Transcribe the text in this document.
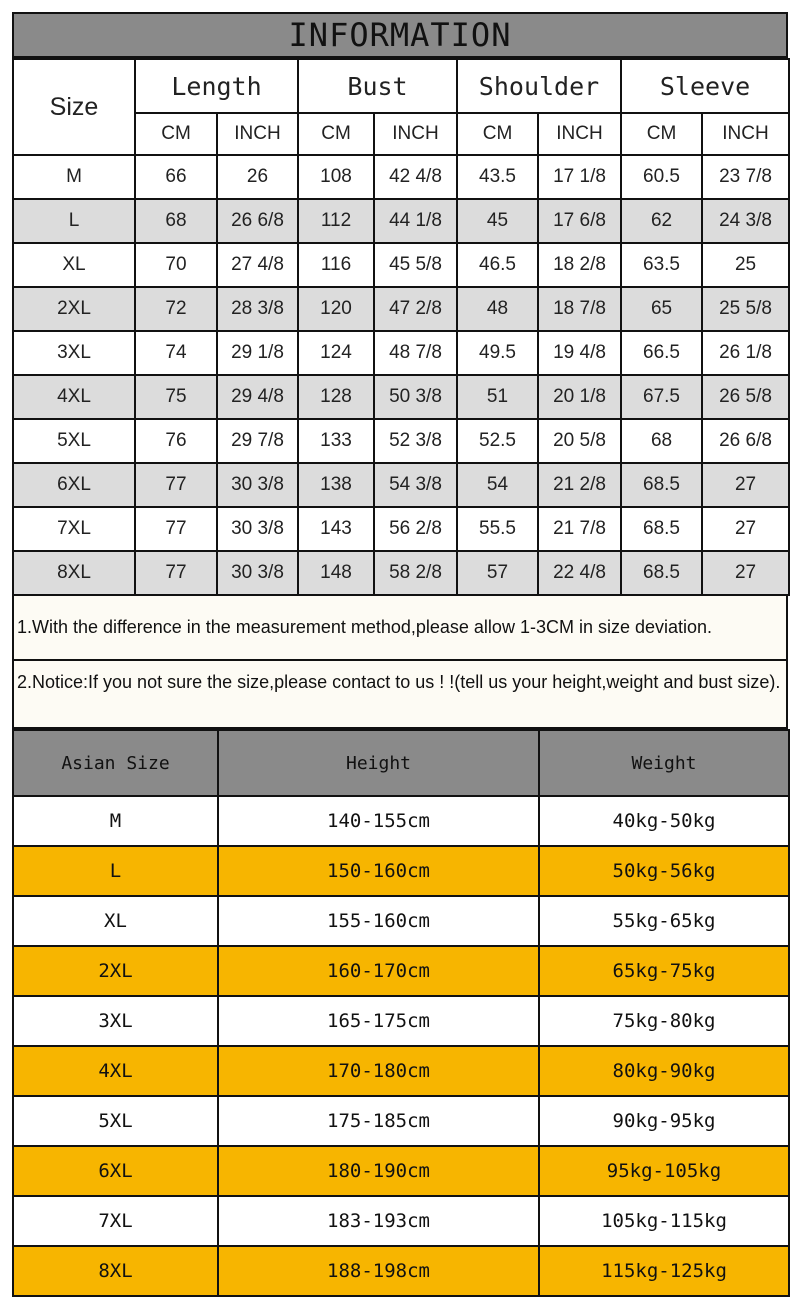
INFORMATION
Size	Length		Bust		Shoulder		Sleeve	
	CM	INCH	CM	INCH	CM	INCH	CM	INCH
M	66	26	108	42 4/8	43.5	17 1/8	60.5	23 7/8
L	68	26 6/8	112	44 1/8	45	17 6/8	62	24 3/8
XL	70	27 4/8	116	45 5/8	46.5	18 2/8	63.5	25
2XL	72	28 3/8	120	47 2/8	48	18 7/8	65	25 5/8
3XL	74	29 1/8	124	48 7/8	49.5	19 4/8	66.5	26 1/8
4XL	75	29 4/8	128	50 3/8	51	20 1/8	67.5	26 5/8
5XL	76	29 7/8	133	52 3/8	52.5	20 5/8	68	26 6/8
6XL	77	30 3/8	138	54 3/8	54	21 2/8	68.5	27
7XL	77	30 3/8	143	56 2/8	55.5	21 7/8	68.5	27
8XL	77	30 3/8	148	58 2/8	57	22 4/8	68.5	27
1.With the difference in the measurement method,please allow 1-3CM in size deviation.
2.Notice:If you not sure the size,please contact to us ! !(tell us your height,weight and bust size).
Asian Size	Height	Weight
M	140-155cm	40kg-50kg
L	150-160cm	50kg-56kg
XL	155-160cm	55kg-65kg
2XL	160-170cm	65kg-75kg
3XL	165-175cm	75kg-80kg
4XL	170-180cm	80kg-90kg
5XL	175-185cm	90kg-95kg
6XL	180-190cm	95kg-105kg
7XL	183-193cm	105kg-115kg
8XL	188-198cm	115kg-125kg
